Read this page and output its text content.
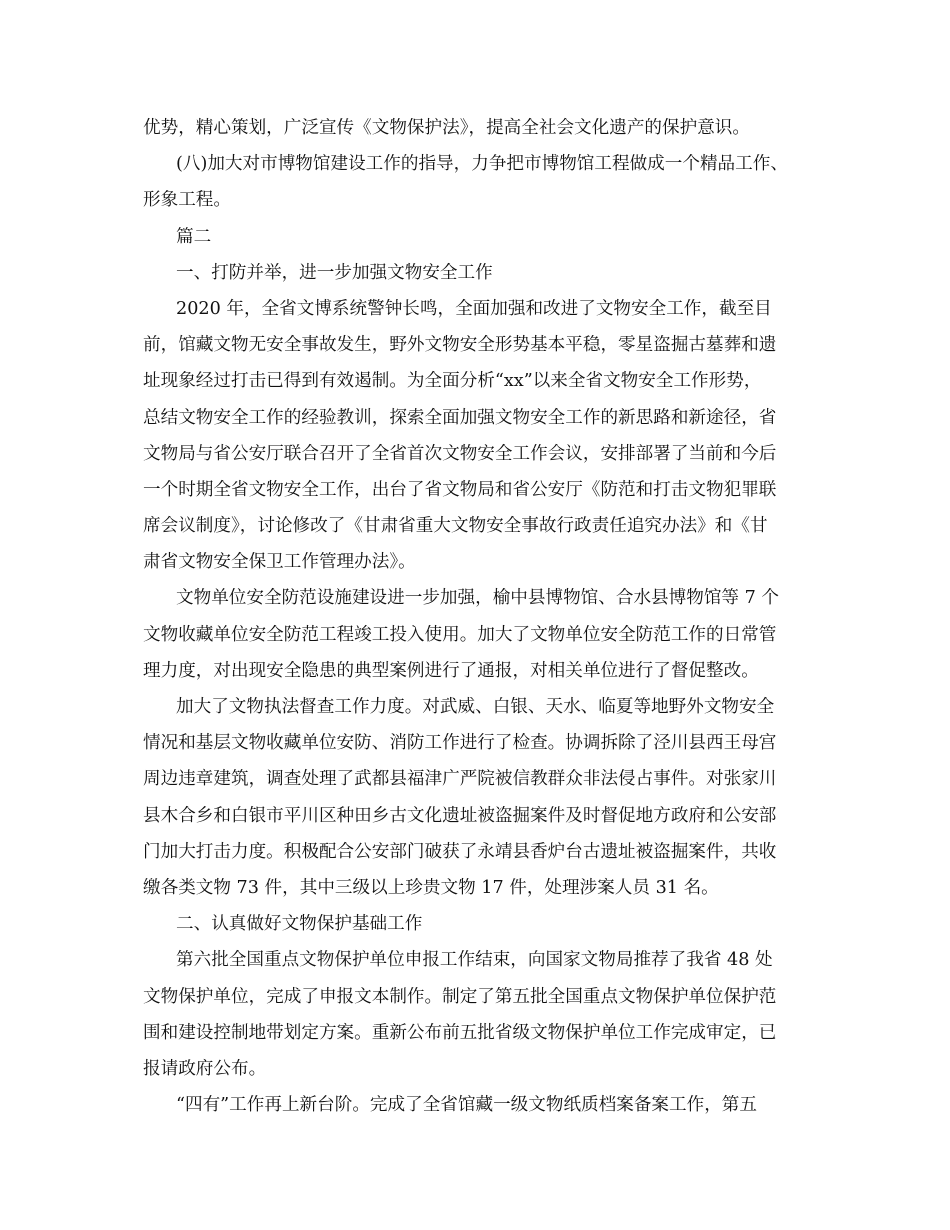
优势，精心策划，广泛宣传《文物保护法》，提高全社会文化遗产的保护意识。
(八)加大对市博物馆建设工作的指导，力争把市博物馆工程做成一个精品工作、
形象工程。
篇二
一、打防并举，进一步加强文物安全工作
2020 年，全省文博系统警钟长鸣，全面加强和改进了文物安全工作，截至目
前，馆藏文物无安全事故发生，野外文物安全形势基本平稳，零星盗掘古墓葬和遗
址现象经过打击已得到有效遏制。为全面分析“xx”以来全省文物安全工作形势，
总结文物安全工作的经验教训，探索全面加强文物安全工作的新思路和新途径，省
文物局与省公安厅联合召开了全省首次文物安全工作会议，安排部署了当前和今后
一个时期全省文物安全工作，出台了省文物局和省公安厅《防范和打击文物犯罪联
席会议制度》，讨论修改了《甘肃省重大文物安全事故行政责任追究办法》和《甘
肃省文物安全保卫工作管理办法》。
文物单位安全防范设施建设进一步加强，榆中县博物馆、合水县博物馆等 7 个
文物收藏单位安全防范工程竣工投入使用。加大了文物单位安全防范工作的日常管
理力度，对出现安全隐患的典型案例进行了通报，对相关单位进行了督促整改。
加大了文物执法督查工作力度。对武威、白银、天水、临夏等地野外文物安全
情况和基层文物收藏单位安防、消防工作进行了检查。协调拆除了泾川县西王母宫
周边违章建筑，调查处理了武都县福津广严院被信教群众非法侵占事件。对张家川
县木合乡和白银市平川区种田乡古文化遗址被盗掘案件及时督促地方政府和公安部
门加大打击力度。积极配合公安部门破获了永靖县香炉台古遗址被盗掘案件，共收
缴各类文物 73 件，其中三级以上珍贵文物 17 件，处理涉案人员 31 名。
二、认真做好文物保护基础工作
第六批全国重点文物保护单位申报工作结束，向国家文物局推荐了我省 48 处
文物保护单位，完成了申报文本制作。制定了第五批全国重点文物保护单位保护范
围和建设控制地带划定方案。重新公布前五批省级文物保护单位工作完成审定，已
报请政府公布。
“四有”工作再上新台阶。完成了全省馆藏一级文物纸质档案备案工作，第五
